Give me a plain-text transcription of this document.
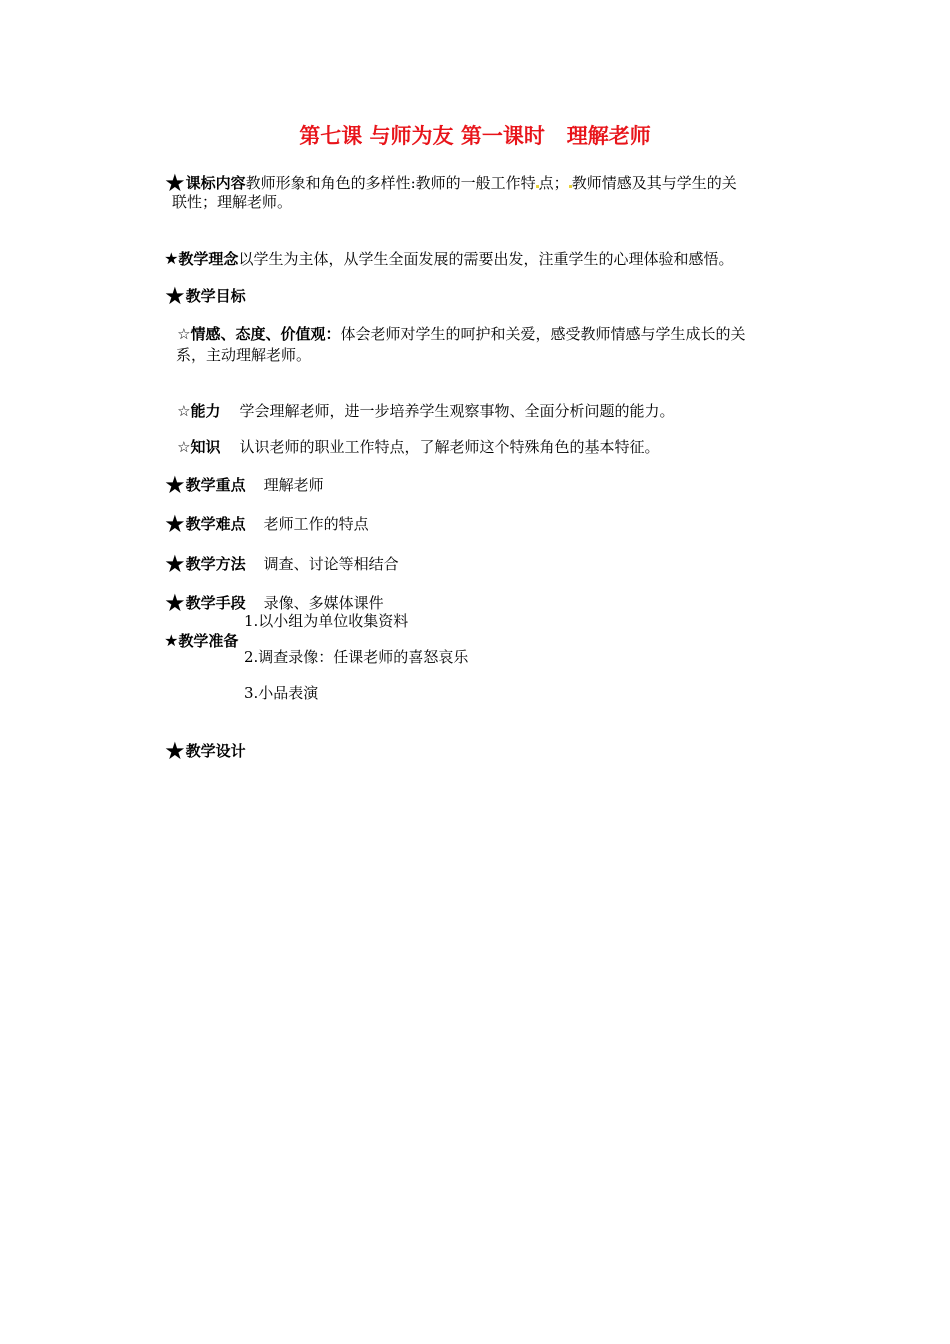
第七课 与师为友 第一课时   理解老师

★课标内容教师形象和角色的多样性:教师的一般工作特 点； 教师情感及其与学生的关

联性；理解老师。

★教学理念以学生为主体，从学生全面发展的需要出发，注重学生的心理体验和感悟。

★教学目标

☆情感、态度、价值观：体会老师对学生的呵护和关爱，感受教师情感与学生成长的关

系，主动理解老师。

☆能力 学会理解老师，进一步培养学生观察事物、全面分析问题的能力。

☆知识 认识老师的职业工作特点，了解老师这个特殊角色的基本特征。

★教学重点 理解老师

★教学难点 老师工作的特点

★教学方法 调查、讨论等相结合

★教学手段 录像、多媒体课件

★教学准备

1.以小组为单位收集资料
2.调查录像：任课老师的喜怒哀乐
3.小品表演

★教学设计
